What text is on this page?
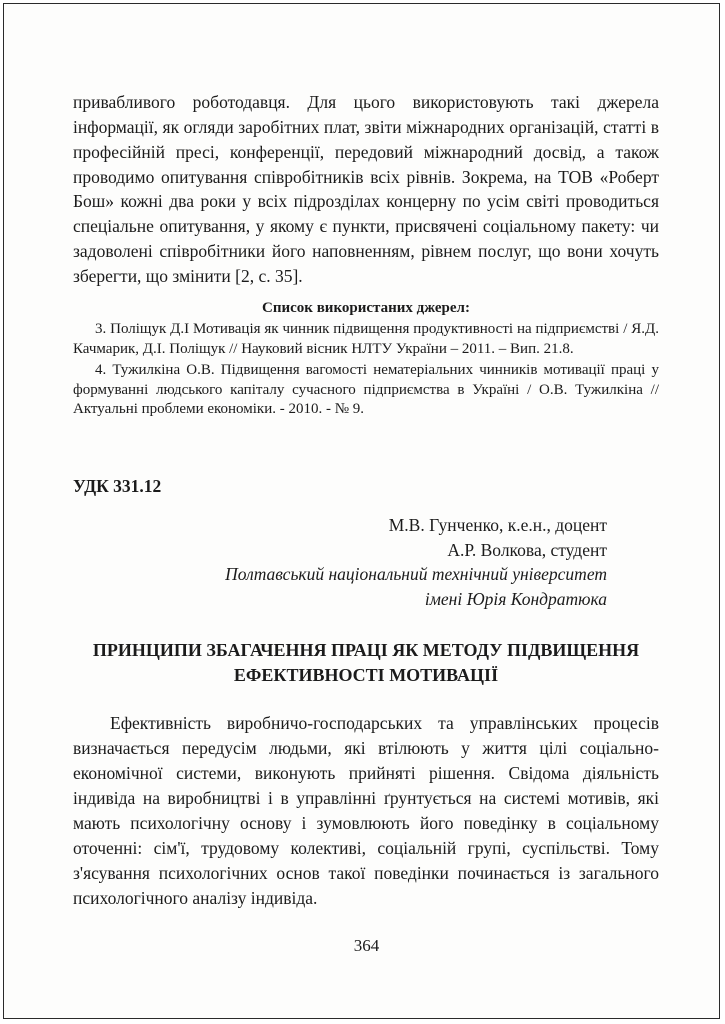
привабливого роботодавця. Для цього використовують такі джерела інформації, як огляди заробітних плат, звіти міжнародних організацій, статті в професійній пресі, конференції, передовий міжнародний досвід, а також проводимо опитування співробітників всіх рівнів. Зокрема, на ТОВ «Роберт Бош» кожні два роки у всіх підрозділах концерну по усім світі проводиться спеціальне опитування, у якому є пункти, присвячені соціальному пакету: чи задоволені співробітники його наповненням, рівнем послуг, що вони хочуть зберегти, що змінити [2, с. 35].

Список використаних джерел:

3. Поліщук Д.І Мотивація як чинник підвищення продуктивності на підприємстві / Я.Д. Качмарик, Д.І. Поліщук // Науковий вісник НЛТУ України – 2011. – Вип. 21.8.

4. Тужилкіна О.В. Підвищення вагомості нематеріальних чинників мотивації праці у формуванні людського капіталу сучасного підприємства в Україні / О.В. Тужилкіна // Актуальні проблеми економіки. - 2010. - № 9.

УДК 331.12
М.В. Гунченко, к.е.н., доцент
А.Р. Волкова, студент
Полтавський національний технічний університет
імені Юрія Кондратюка
ПРИНЦИПИ ЗБАГАЧЕННЯ ПРАЦІ ЯК МЕТОДУ ПІДВИЩЕННЯ ЕФЕКТИВНОСТІ МОТИВАЦІЇ

Ефективність виробничо-господарських та управлінських процесів визначається передусім людьми, які втілюють у життя цілі соціально-економічної системи, виконують прийняті рішення. Свідома діяльність індивіда на виробництві і в управлінні ґрунтується на системі мотивів, які мають психологічну основу і зумовлюють його поведінку в соціальному оточенні: сім'ї, трудовому колективі, соціальній групі, суспільстві. Тому з'ясування психологічних основ такої поведінки починається із загального психологічного аналізу індивіда.

364
